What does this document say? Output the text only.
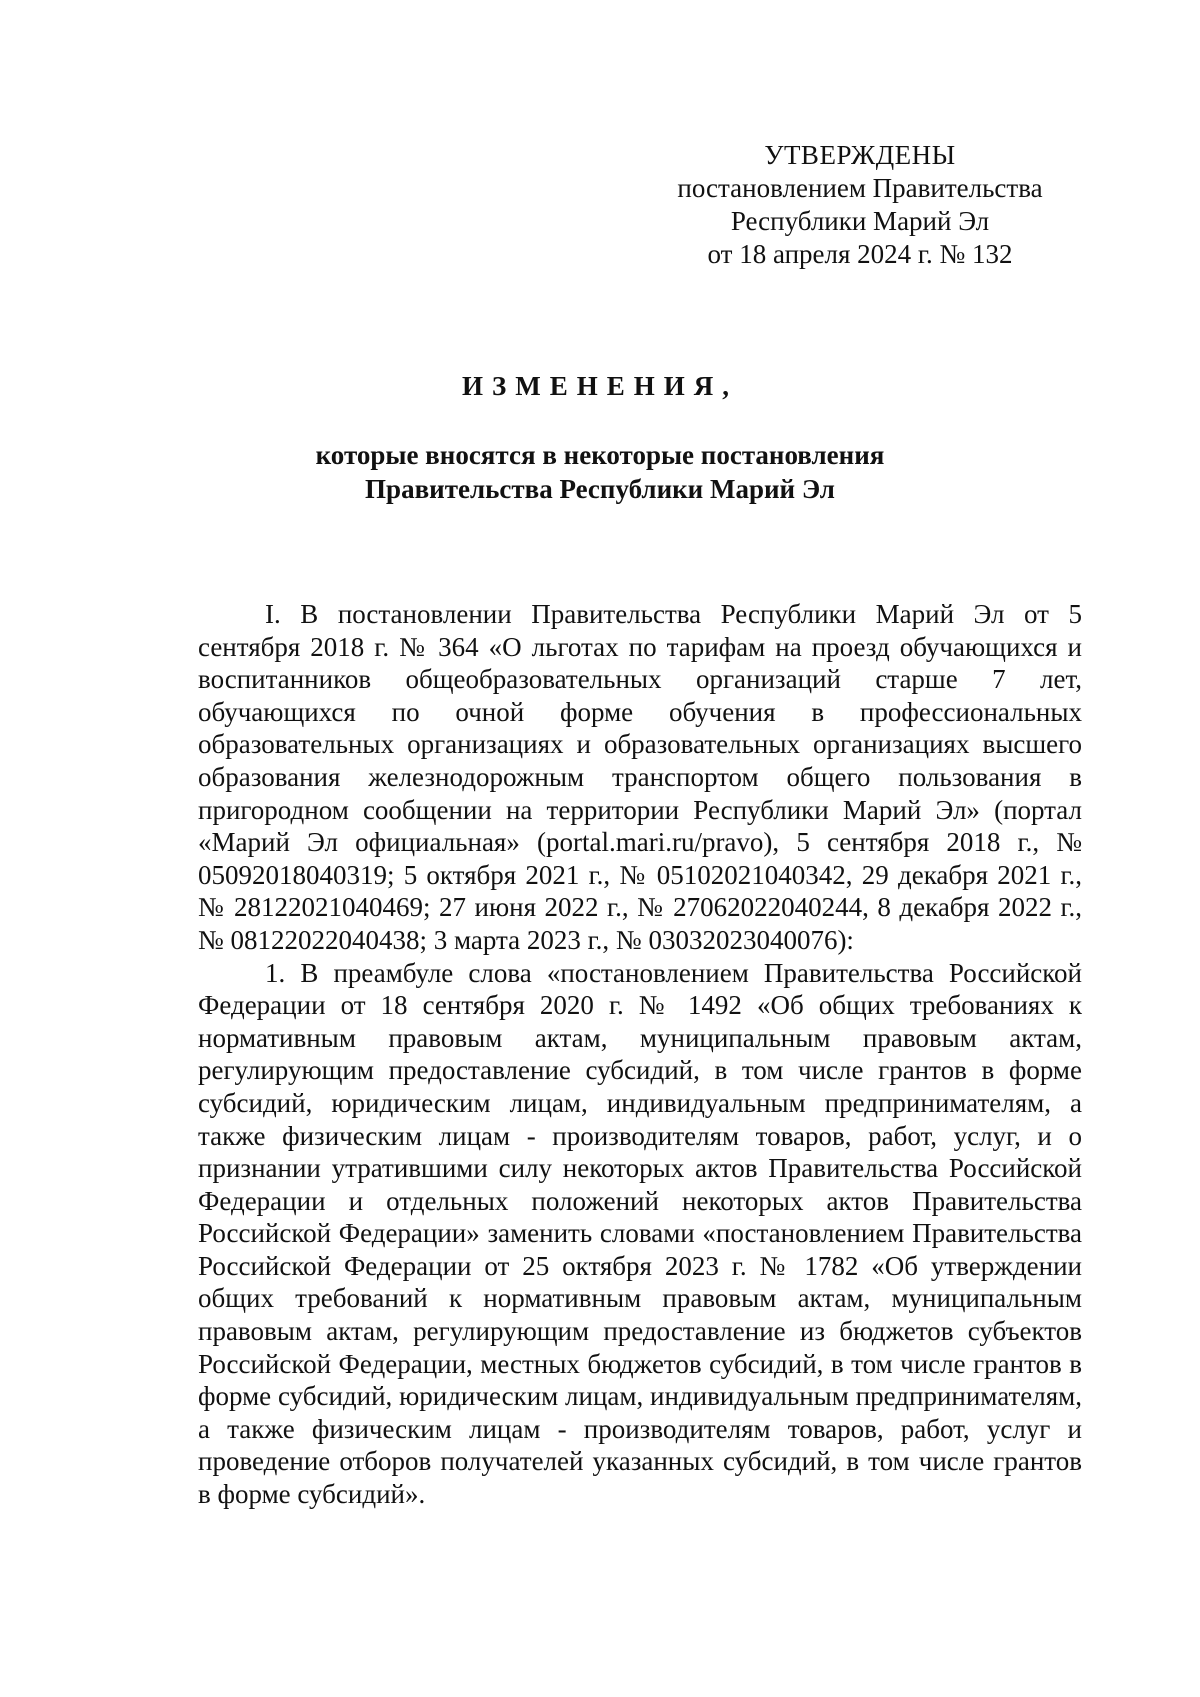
УТВЕРЖДЕНЫ
постановлением Правительства
Республики Марий Эл
от 18 апреля 2024 г. № 132
ИЗМЕНЕНИЯ,
которые вносятся в некоторые постановления
Правительства Республики Марий Эл

I. В постановлении Правительства Республики Марий Эл от 5 сентября 2018 г. № 364 «О льготах по тарифам на проезд обучающихся и воспитанников общеобразовательных организаций старше 7 лет, обучающихся по очной форме обучения в профессиональных образовательных организациях и образовательных организациях высшего образования железнодорожным транспортом общего пользования в пригородном сообщении на территории Республики Марий Эл» (портал «Марий Эл официальная» (portal.mari.ru/pravo), 5 сентября 2018 г., № 05092018040319; 5 октября 2021 г., № 05102021040342, 29 декабря 2021 г., № 28122021040469; 27 июня 2022 г., № 27062022040244, 8 декабря 2022 г., № 08122022040438; 3 марта 2023 г., № 03032023040076):

1. В преамбуле слова «постановлением Правительства Российской Федерации от 18 сентября 2020 г. № 1492 «Об общих требованиях к нормативным правовым актам, муниципальным правовым актам, регулирующим предоставление субсидий, в том числе грантов в форме субсидий, юридическим лицам, индивидуальным предпринимателям, а также физическим лицам - производителям товаров, работ, услуг, и о признании утратившими силу некоторых актов Правительства Российской Федерации и отдельных положений некоторых актов Правительства Российской Федерации» заменить словами «постановлением Правительства Российской Федерации от 25 октября 2023 г. № 1782 «Об утверждении общих требований к нормативным правовым актам, муниципальным правовым актам, регулирующим предоставление из бюджетов субъектов Российской Федерации, местных бюджетов субсидий, в том числе грантов в форме субсидий, юридическим лицам, индивидуальным предпринимателям, а также физическим лицам - производителям товаров, работ, услуг и проведение отборов получателей указанных субсидий, в том числе грантов в форме субсидий».
